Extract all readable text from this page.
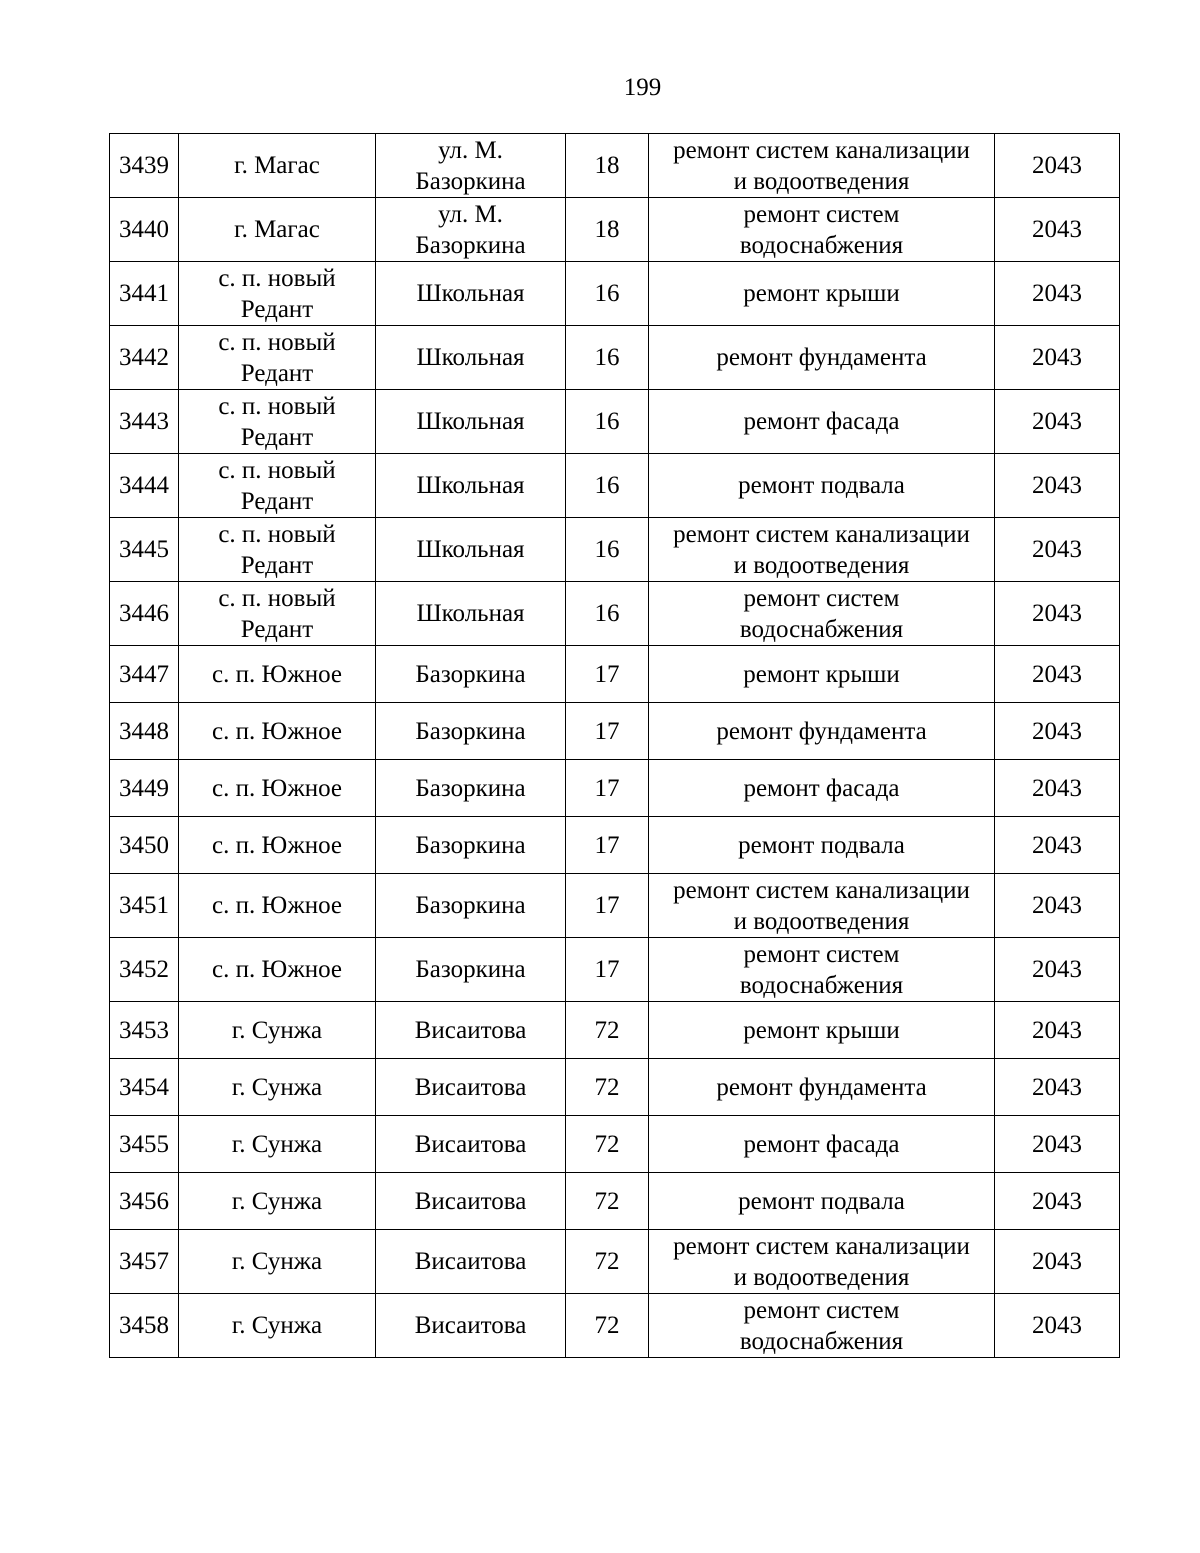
199
3439	г. Магас	ул. М.
Базоркина	18	ремонт систем канализации
и водоотведения	2043
3440	г. Магас	ул. М.
Базоркина	18	ремонт систем
водоснабжения	2043
3441	с. п. новый
Редант	Школьная	16	ремонт крыши	2043
3442	с. п. новый
Редант	Школьная	16	ремонт фундамента	2043
3443	с. п. новый
Редант	Школьная	16	ремонт фасада	2043
3444	с. п. новый
Редант	Школьная	16	ремонт подвала	2043
3445	с. п. новый
Редант	Школьная	16	ремонт систем канализации
и водоотведения	2043
3446	с. п. новый
Редант	Школьная	16	ремонт систем
водоснабжения	2043
3447	с. п. Южное	Базоркина	17	ремонт крыши	2043
3448	с. п. Южное	Базоркина	17	ремонт фундамента	2043
3449	с. п. Южное	Базоркина	17	ремонт фасада	2043
3450	с. п. Южное	Базоркина	17	ремонт подвала	2043
3451	с. п. Южное	Базоркина	17	ремонт систем канализации
и водоотведения	2043
3452	с. п. Южное	Базоркина	17	ремонт систем
водоснабжения	2043
3453	г. Сунжа	Висаитова	72	ремонт крыши	2043
3454	г. Сунжа	Висаитова	72	ремонт фундамента	2043
3455	г. Сунжа	Висаитова	72	ремонт фасада	2043
3456	г. Сунжа	Висаитова	72	ремонт подвала	2043
3457	г. Сунжа	Висаитова	72	ремонт систем канализации
и водоотведения	2043
3458	г. Сунжа	Висаитова	72	ремонт систем
водоснабжения	2043
